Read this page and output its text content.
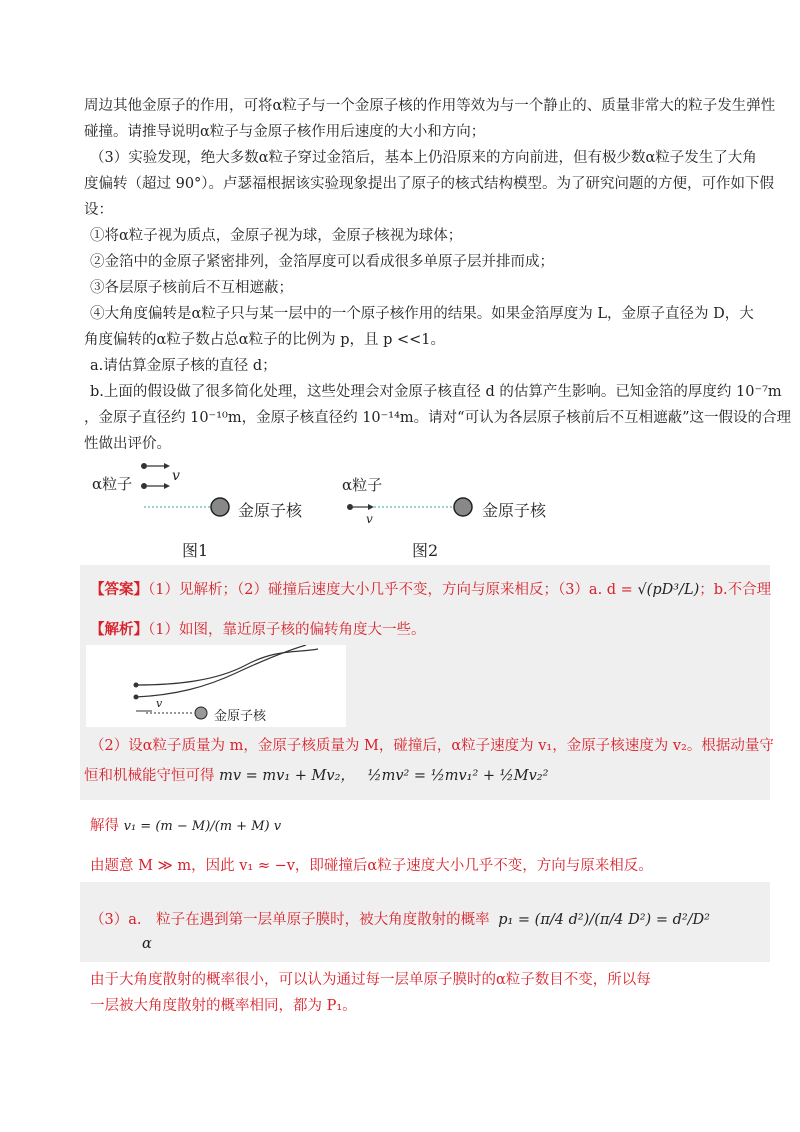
周边其他金原子的作用，可将α粒子与一个金原子核的作用等效为与一个静止的、质量非常大的粒子发生弹性
碰撞。请推导说明α粒子与金原子核作用后速度的大小和方向；
（3）实验发现，绝大多数α粒子穿过金箔后，基本上仍沿原来的方向前进，但有极少数α粒子发生了大角
度偏转（超过 90°）。卢瑟福根据该实验现象提出了原子的核式结构模型。为了研究问题的方便，可作如下假
设：
①将α粒子视为质点，金原子视为球，金原子核视为球体；
②金箔中的金原子紧密排列，金箔厚度可以看成很多单原子层并排而成；
③各层原子核前后不互相遮蔽；
④大角度偏转是α粒子只与某一层中的一个原子核作用的结果。如果金箔厚度为 L，金原子直径为 D，大
角度偏转的α粒子数占总α粒子的比例为 p，且 p <<1。
a.请估算金原子核的直径 d；
b.上面的假设做了很多简化处理，这些处理会对金原子核直径 d 的估算产生影响。已知金箔的厚度约 10⁻⁷m
，金原子直径约 10⁻¹⁰m，金原子核直径约 10⁻¹⁴m。请对“可认为各层原子核前后不互相遮蔽”这一假设的合理
性做出评价。
α粒子	v
金原子核
图1
α粒子
v	金原子核
图2
【答案】（1）见解析；（2）碰撞后速度大小几乎不变，方向与原来相反；（3）a. d = √(pD³/L)；b.不合理
【解析】（1）如图，靠近原子核的偏转角度大一些。
v
金原子核
（2）设α粒子质量为 m，金原子核质量为 M，碰撞后，α粒子速度为 v₁，金原子核速度为 v₂。根据动量守
恒和机械能守恒可得 mv = mv₁ + Mv₂， ½mv² = ½mv₁² + ½Mv₂²
解得 v₁ = (m − M)/(m + M) v
由题意 M ≫ m，因此 v₁ ≈ −v，即碰撞后α粒子速度大小几乎不变，方向与原来相反。
（3）a. 粒子在遇到第一层单原子膜时，被大角度散射的概率 p₁ = (π/4 d²)/(π/4 D²) = d²/D²
α
由于大角度散射的概率很小，可以认为通过每一层单原子膜时的α粒子数目不变，所以每
一层被大角度散射的概率相同，都为 P₁。
